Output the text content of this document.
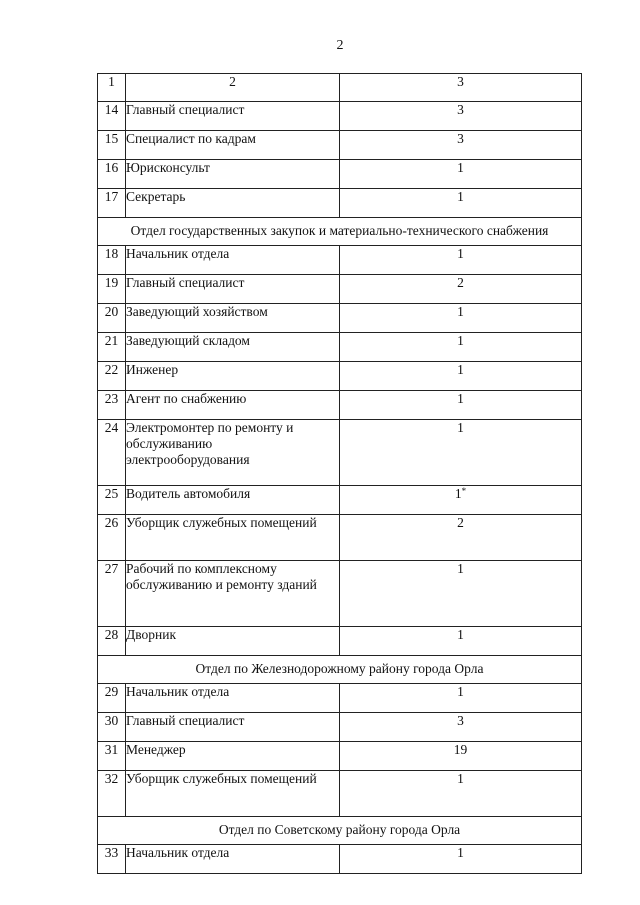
2
1	2	3
14	Главный специалист	3
15	Специалист по кадрам	3
16	Юрисконсульт	1
17	Секретарь	1
Отдел государственных закупок и материально-технического снабжения		
18	Начальник отдела	1
19	Главный специалист	2
20	Заведующий хозяйством	1
21	Заведующий складом	1
22	Инженер	1
23	Агент по снабжению	1
24	Электромонтер по ремонту и обслуживанию электрооборудования	1
25	Водитель автомобиля	1*
26	Уборщик служебных помещений	2
27	Рабочий по комплексному обслуживанию и ремонту зданий	1
28	Дворник	1
Отдел по Железнодорожному району города Орла		
29	Начальник отдела	1
30	Главный специалист	3
31	Менеджер	19
32	Уборщик служебных помещений	1
Отдел по Советскому району города Орла		
33	Начальник отдела	1
